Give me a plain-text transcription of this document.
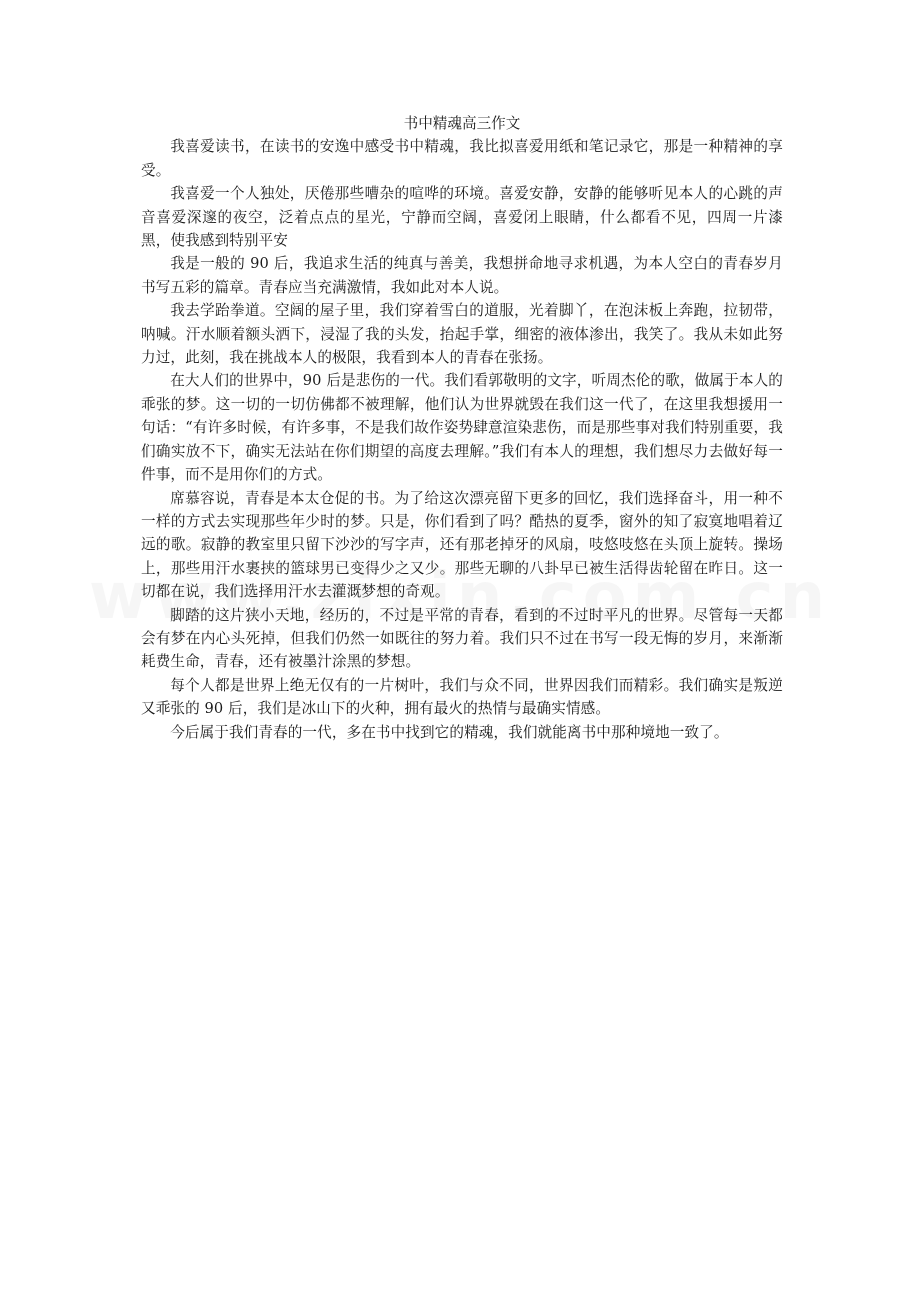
书中精魂高三作文

我喜爱读书，在读书的安逸中感受书中精魂，我比拟喜爱用纸和笔记录它，那是一种精神的享受。

我喜爱一个人独处，厌倦那些嘈杂的喧哗的环境。喜爱安静，安静的能够听见本人的心跳的声音喜爱深邃的夜空，泛着点点的星光，宁静而空阔，喜爱闭上眼睛，什么都看不见，四周一片漆黑，使我感到特别平安

我是一般的 90 后，我追求生活的纯真与善美，我想拼命地寻求机遇，为本人空白的青春岁月书写五彩的篇章。青春应当充满激情，我如此对本人说。

我去学跆拳道。空阔的屋子里，我们穿着雪白的道服，光着脚丫，在泡沫板上奔跑，拉韧带，呐喊。汗水顺着额头洒下，浸湿了我的头发，抬起手掌，细密的液体渗出，我笑了。我从未如此努力过，此刻，我在挑战本人的极限，我看到本人的青春在张扬。

在大人们的世界中，90 后是悲伤的一代。我们看郭敬明的文字，听周杰伦的歌，做属于本人的乖张的梦。这一切的一切仿佛都不被理解，他们认为世界就毁在我们这一代了，在这里我想援用一句话：“有许多时候，有许多事，不是我们故作姿势肆意渲染悲伤，而是那些事对我们特别重要，我们确实放不下，确实无法站在你们期望的高度去理解。”我们有本人的理想，我们想尽力去做好每一件事，而不是用你们的方式。

席慕容说，青春是本太仓促的书。为了给这次漂亮留下更多的回忆，我们选择奋斗，用一种不一样的方式去实现那些年少时的梦。只是，你们看到了吗？酷热的夏季，窗外的知了寂寞地唱着辽远的歌。寂静的教室里只留下沙沙的写字声，还有那老掉牙的风扇，吱悠吱悠在头顶上旋转。操场上，那些用汗水裹挟的篮球男已变得少之又少。那些无聊的八卦早已被生活得齿轮留在昨日。这一切都在说，我们选择用汗水去灌溉梦想的奇观。

脚踏的这片狭小天地，经历的，不过是平常的青春，看到的不过时平凡的世界。尽管每一天都会有梦在内心头死掉，但我们仍然一如既往的努力着。我们只不过在书写一段无悔的岁月，来渐渐耗费生命，青春，还有被墨汁涂黑的梦想。

每个人都是世界上绝无仅有的一片树叶，我们与众不同，世界因我们而精彩。我们确实是叛逆又乖张的 90 后，我们是冰山下的火种，拥有最火的热情与最确实情感。

今后属于我们青春的一代，多在书中找到它的精魂，我们就能离书中那种境地一致了。
